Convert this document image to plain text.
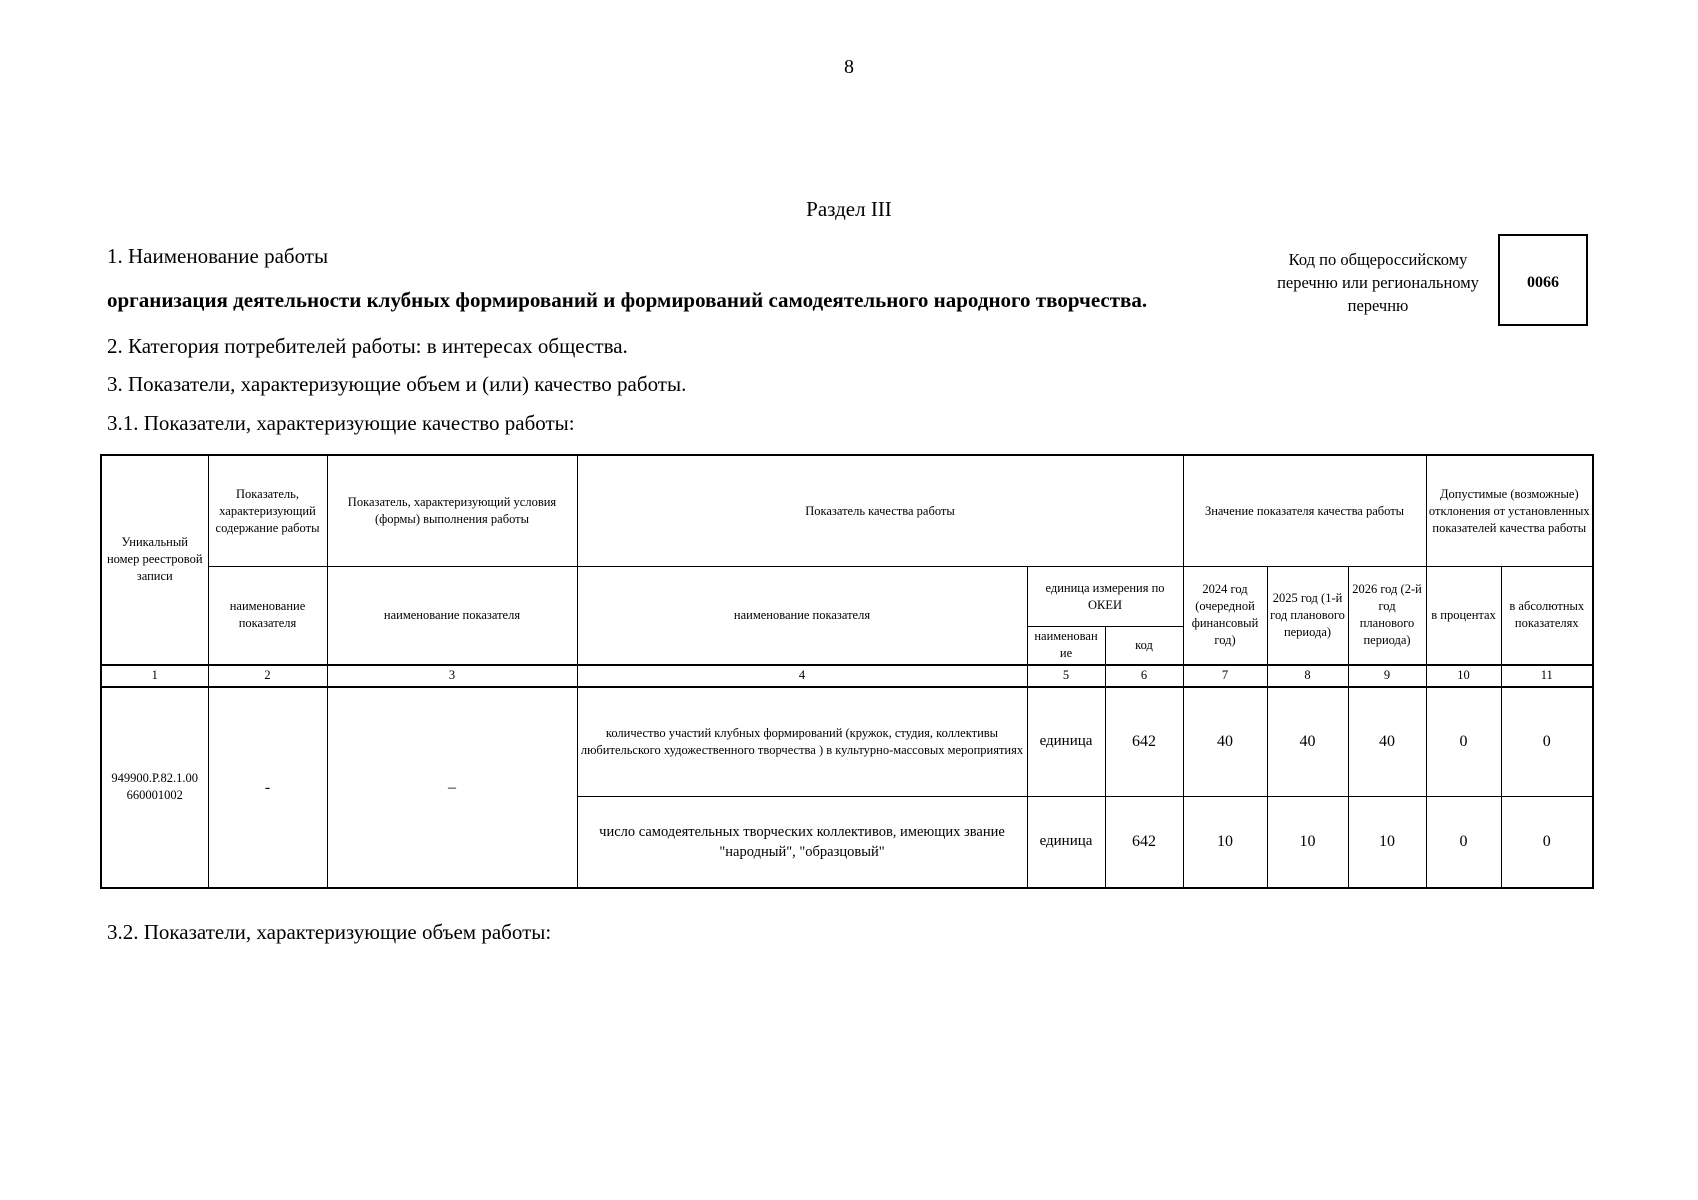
8
Раздел III
1. Наименование работы
организация деятельности клубных формирований и формирований самодеятельного народного творчества.
Код по общероссийскому
перечню или региональному
перечню
0066
2. Категория потребителей работы: в интересах общества.
3. Показатели, характеризующие объем и (или) качество работы.
3.1. Показатели, характеризующие качество работы:
Уникальный номер реестровой записи	Показатель, характеризующий содержание работы	Показатель, характеризующий условия (формы) выполнения работы	Показатель качества работы			Значение показателя качества работы			Допустимые (возможные) отклонения от установленных показателей качества работы	
	наименование показателя	наименование показателя	наименование показателя	единица измерения по ОКЕИ		2024 год (очередной финансовый год)	2025 год (1-й год планового периода)	2026 год (2-й год планового периода)	в процентах	в абсолютных показателях
				наименован ие	код					
1	2	3	4	5	6	7	8	9	10	11
949900.Р.82.1.00 660001002	-	–	количество участий клубных формирований (кружок, студия, коллективы любительского художественного творчества ) в культурно-массовых мероприятиях	единица	642	40	40	40	0	0
			число самодеятельных творческих коллективов, имеющих звание "народный", "образцовый"	единица	642	10	10	10	0	0
3.2. Показатели, характеризующие объем работы:
